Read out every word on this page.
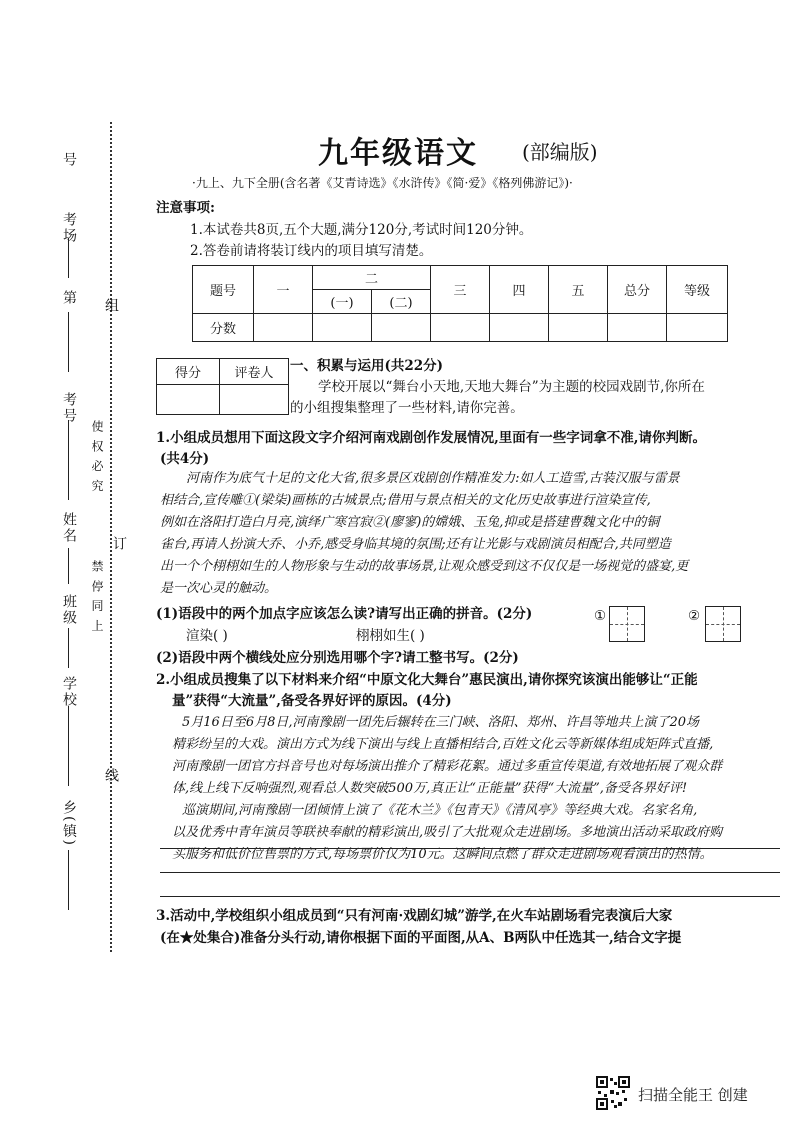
号
考场
第
考号
姓名
班级
学校
乡(镇)
组
使 权 必 究
禁 停 同 上
订
线
九年级语文 (部编版)
·九上、九下全册(含名著《艾青诗选》《水浒传》《简·爱》《格列佛游记》)·
注意事项:
1.本试卷共8页,五个大题,满分120分,考试时间120分钟。
2.答卷前请将装订线内的项目填写清楚。
题号	一	二		三	四	五	总分	等级
		(一)	(二)					
分数								
得分	评卷人
	一、积累与运用(共22分)
学校开展以“舞台小天地,天地大舞台”为主题的校园戏剧节,你所在
的小组搜集整理了一些材料,请你完善。
1.小组成员想用下面这段文字介绍河南戏剧创作发展情况,里面有一些字词拿不准,请你判断。
(共4分)
河南作为底气十足的文化大省,很多景区戏剧创作精准发力:如人工造雪,古装汉服与雷景
相结合,宣传雕①(梁柒)画栋的古城景点;借用与景点相关的文化历史故事进行渲染宣传,
例如在洛阳打造白月亮,演绎广寒宫寂②(廖寥)的嫦娥、玉兔,抑或是搭建曹魏文化中的铜
雀台,再请人扮演大乔、小乔,感受身临其境的氛围;还有让光影与戏剧演员相配合,共同塑造
出一个个栩栩如生的人物形象与生动的故事场景,让观众感受到这不仅仅是一场视觉的盛宴,更
是一次心灵的触动。
(1)语段中的两个加点字应该怎么读?请写出正确的拼音。(2分)
渲染( )	栩栩如生( )
①	②
(2)语段中两个横线处应分别选用哪个字?请工整书写。(2分)
2.小组成员搜集了以下材料来介绍“中原文化大舞台”惠民演出,请你探究该演出能够让“正能
量”获得“大流量”,备受各界好评的原因。(4分)
5月16日至6月8日,河南豫剧一团先后辗转在三门峡、洛阳、郑州、许昌等地共上演了20场
精彩纷呈的大戏。演出方式为线下演出与线上直播相结合,百姓文化云等新媒体组成矩阵式直播,
河南豫剧一团官方抖音号也对每场演出推介了精彩花絮。通过多重宣传渠道,有效地拓展了观众群
体,线上线下反响强烈,观看总人数突破500万,真正让“正能量”获得“大流量”,备受各界好评!
巡演期间,河南豫剧一团倾情上演了《花木兰》《包青天》《清风亭》等经典大戏。名家名角,
以及优秀中青年演员等联袂奉献的精彩演出,吸引了大批观众走进剧场。多地演出活动采取政府购
买服务和低价位售票的方式,每场票价仅为10元。这瞬间点燃了群众走进剧场观看演出的热情。
3.活动中,学校组织小组成员到“只有河南·戏剧幻城”游学,在火车站剧场看完表演后大家
(在★处集合)准备分头行动,请你根据下面的平面图,从A、B两队中任选其一,结合文字提
扫描全能王 创建
